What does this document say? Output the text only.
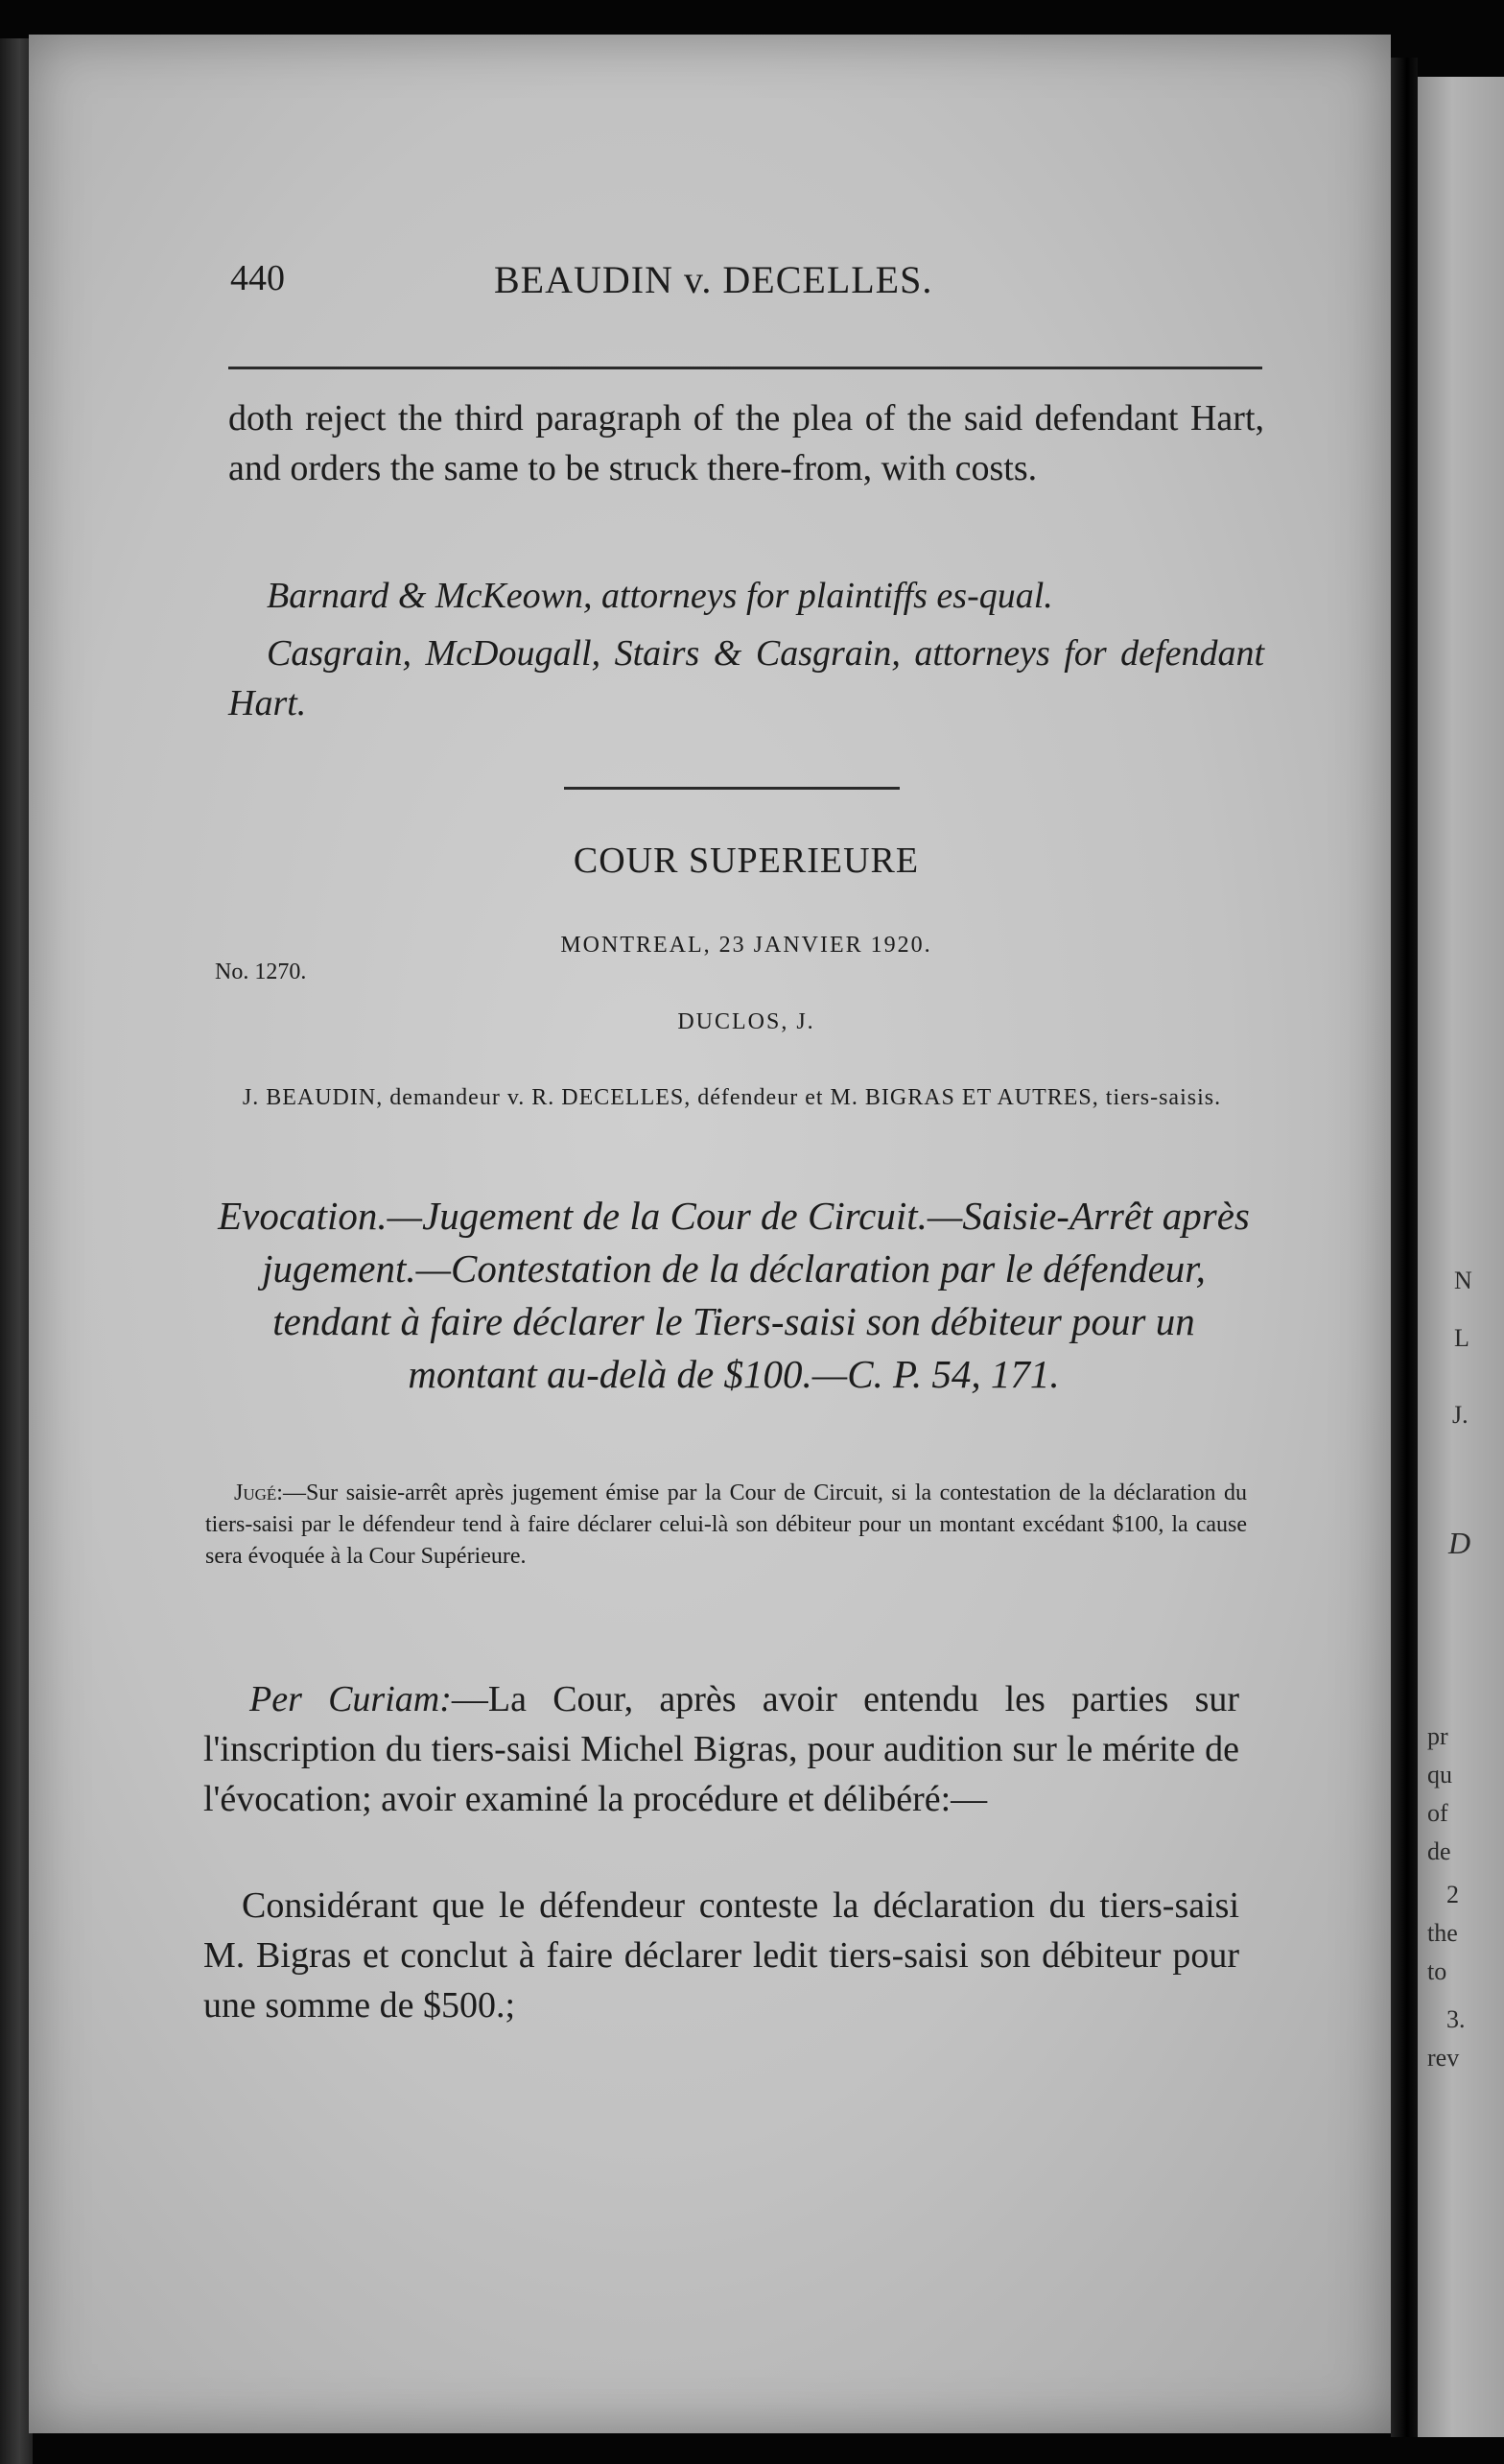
N
L
J.
D
pr
qu
of
de
2
the
to
3.
rev
440	BEAUDIN v. DECELLES.
doth reject the third paragraph of the plea of the said defendant Hart, and orders the same to be struck there-from, with costs.
Barnard & McKeown, attorneys for plaintiffs es-qual.
Casgrain, McDougall, Stairs & Casgrain, attorneys for defendant Hart.
COUR SUPERIEURE
MONTREAL, 23 JANVIER 1920.
No. 1270.
DUCLOS, J.
J. BEAUDIN, demandeur v. R. DECELLES, défendeur et M. BIGRAS ET AUTRES, tiers-saisis.
Evocation.—Jugement de la Cour de Circuit.—Saisie-Arrêt après jugement.—Contestation de la déclaration par le défendeur, tendant à faire déclarer le Tiers-saisi son débiteur pour un montant au-delà de $100.—C. P. 54, 171.
Jugé:—Sur saisie-arrêt après jugement émise par la Cour de Circuit, si la contestation de la déclaration du tiers-saisi par le défendeur tend à faire déclarer celui-là son débiteur pour un montant excédant $100, la cause sera évoquée à la Cour Supérieure.
Per Curiam:—La Cour, après avoir entendu les parties sur l'inscription du tiers-saisi Michel Bigras, pour audition sur le mérite de l'évocation; avoir examiné la procédure et délibéré:—
Considérant que le défendeur conteste la déclaration du tiers-saisi M. Bigras et conclut à faire déclarer ledit tiers-saisi son débiteur pour une somme de $500.;
